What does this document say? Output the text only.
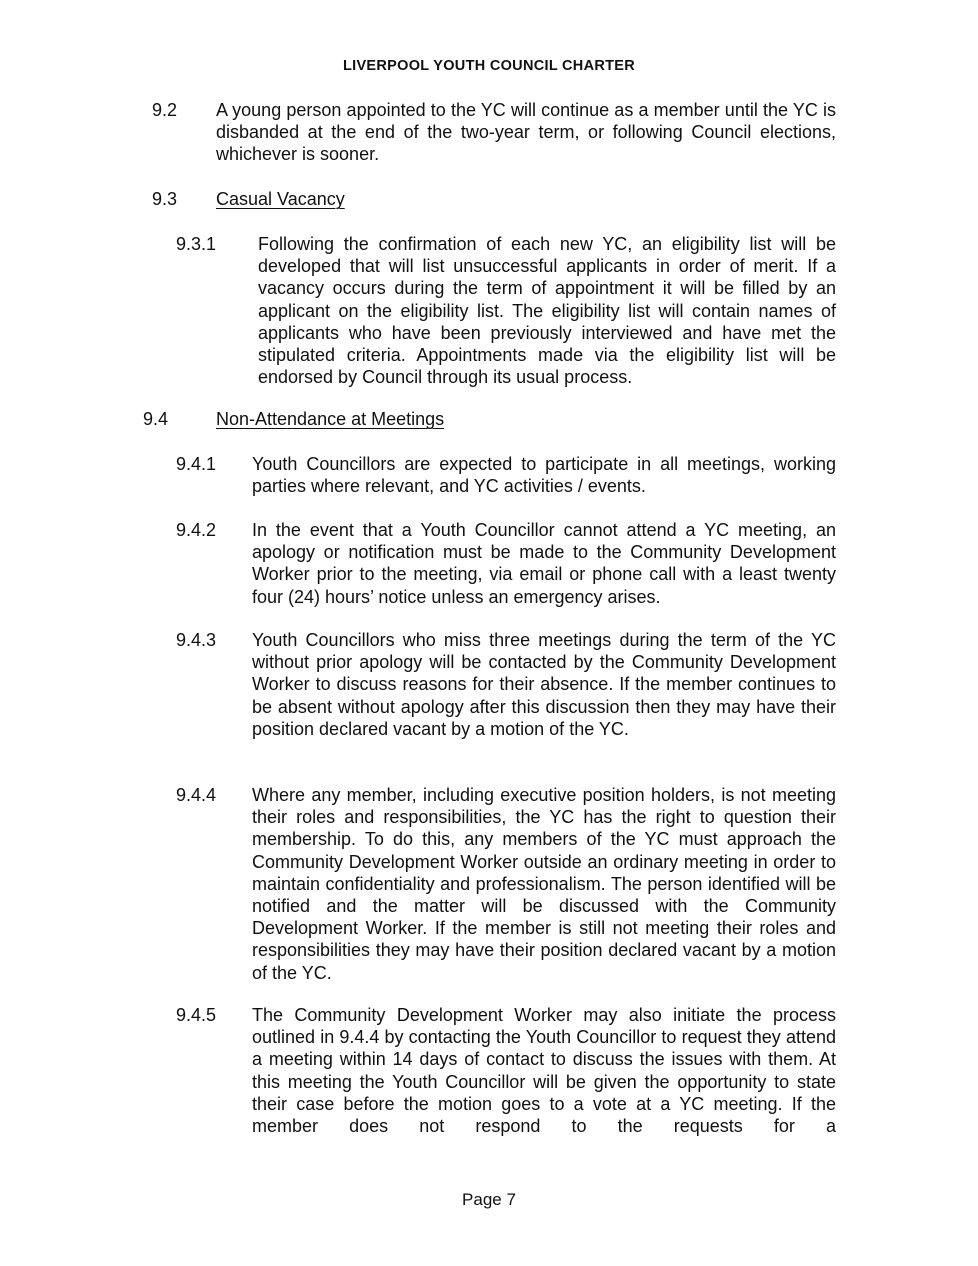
LIVERPOOL YOUTH COUNCIL CHARTER
9.2 A young person appointed to the YC will continue as a member until the YC is disbanded at the end of the two-year term, or following Council elections, whichever is sooner.
9.3 Casual Vacancy
9.3.1 Following the confirmation of each new YC, an eligibility list will be developed that will list unsuccessful applicants in order of merit. If a vacancy occurs during the term of appointment it will be filled by an applicant on the eligibility list. The eligibility list will contain names of applicants who have been previously interviewed and have met the stipulated criteria. Appointments made via the eligibility list will be endorsed by Council through its usual process.
9.4	Non-Attendance at Meetings
9.4.1 Youth Councillors are expected to participate in all meetings, working parties where relevant, and YC activities / events.
9.4.2 In the event that a Youth Councillor cannot attend a YC meeting, an apology or notification must be made to the Community Development Worker prior to the meeting, via email or phone call with a least twenty four (24) hours’ notice unless an emergency arises.
9.4.3 Youth Councillors who miss three meetings during the term of the YC without prior apology will be contacted by the Community Development Worker to discuss reasons for their absence. If the member continues to be absent without apology after this discussion then they may have their position declared vacant by a motion of the YC.
9.4.4 Where any member, including executive position holders, is not meeting their roles and responsibilities, the YC has the right to question their membership. To do this, any members of the YC must approach the Community Development Worker outside an ordinary meeting in order to maintain confidentiality and professionalism. The person identified will be notified and the matter will be discussed with the Community Development Worker. If the member is still not meeting their roles and responsibilities they may have their position declared vacant by a motion of the YC.
9.4.5 The Community Development Worker may also initiate the process outlined in 9.4.4 by contacting the Youth Councillor to request they attend a meeting within 14 days of contact to discuss the issues with them. At this meeting the Youth Councillor will be given the opportunity to state their case before the motion goes to a vote at a YC meeting. If the member does not respond to the requests for a
Page 7
